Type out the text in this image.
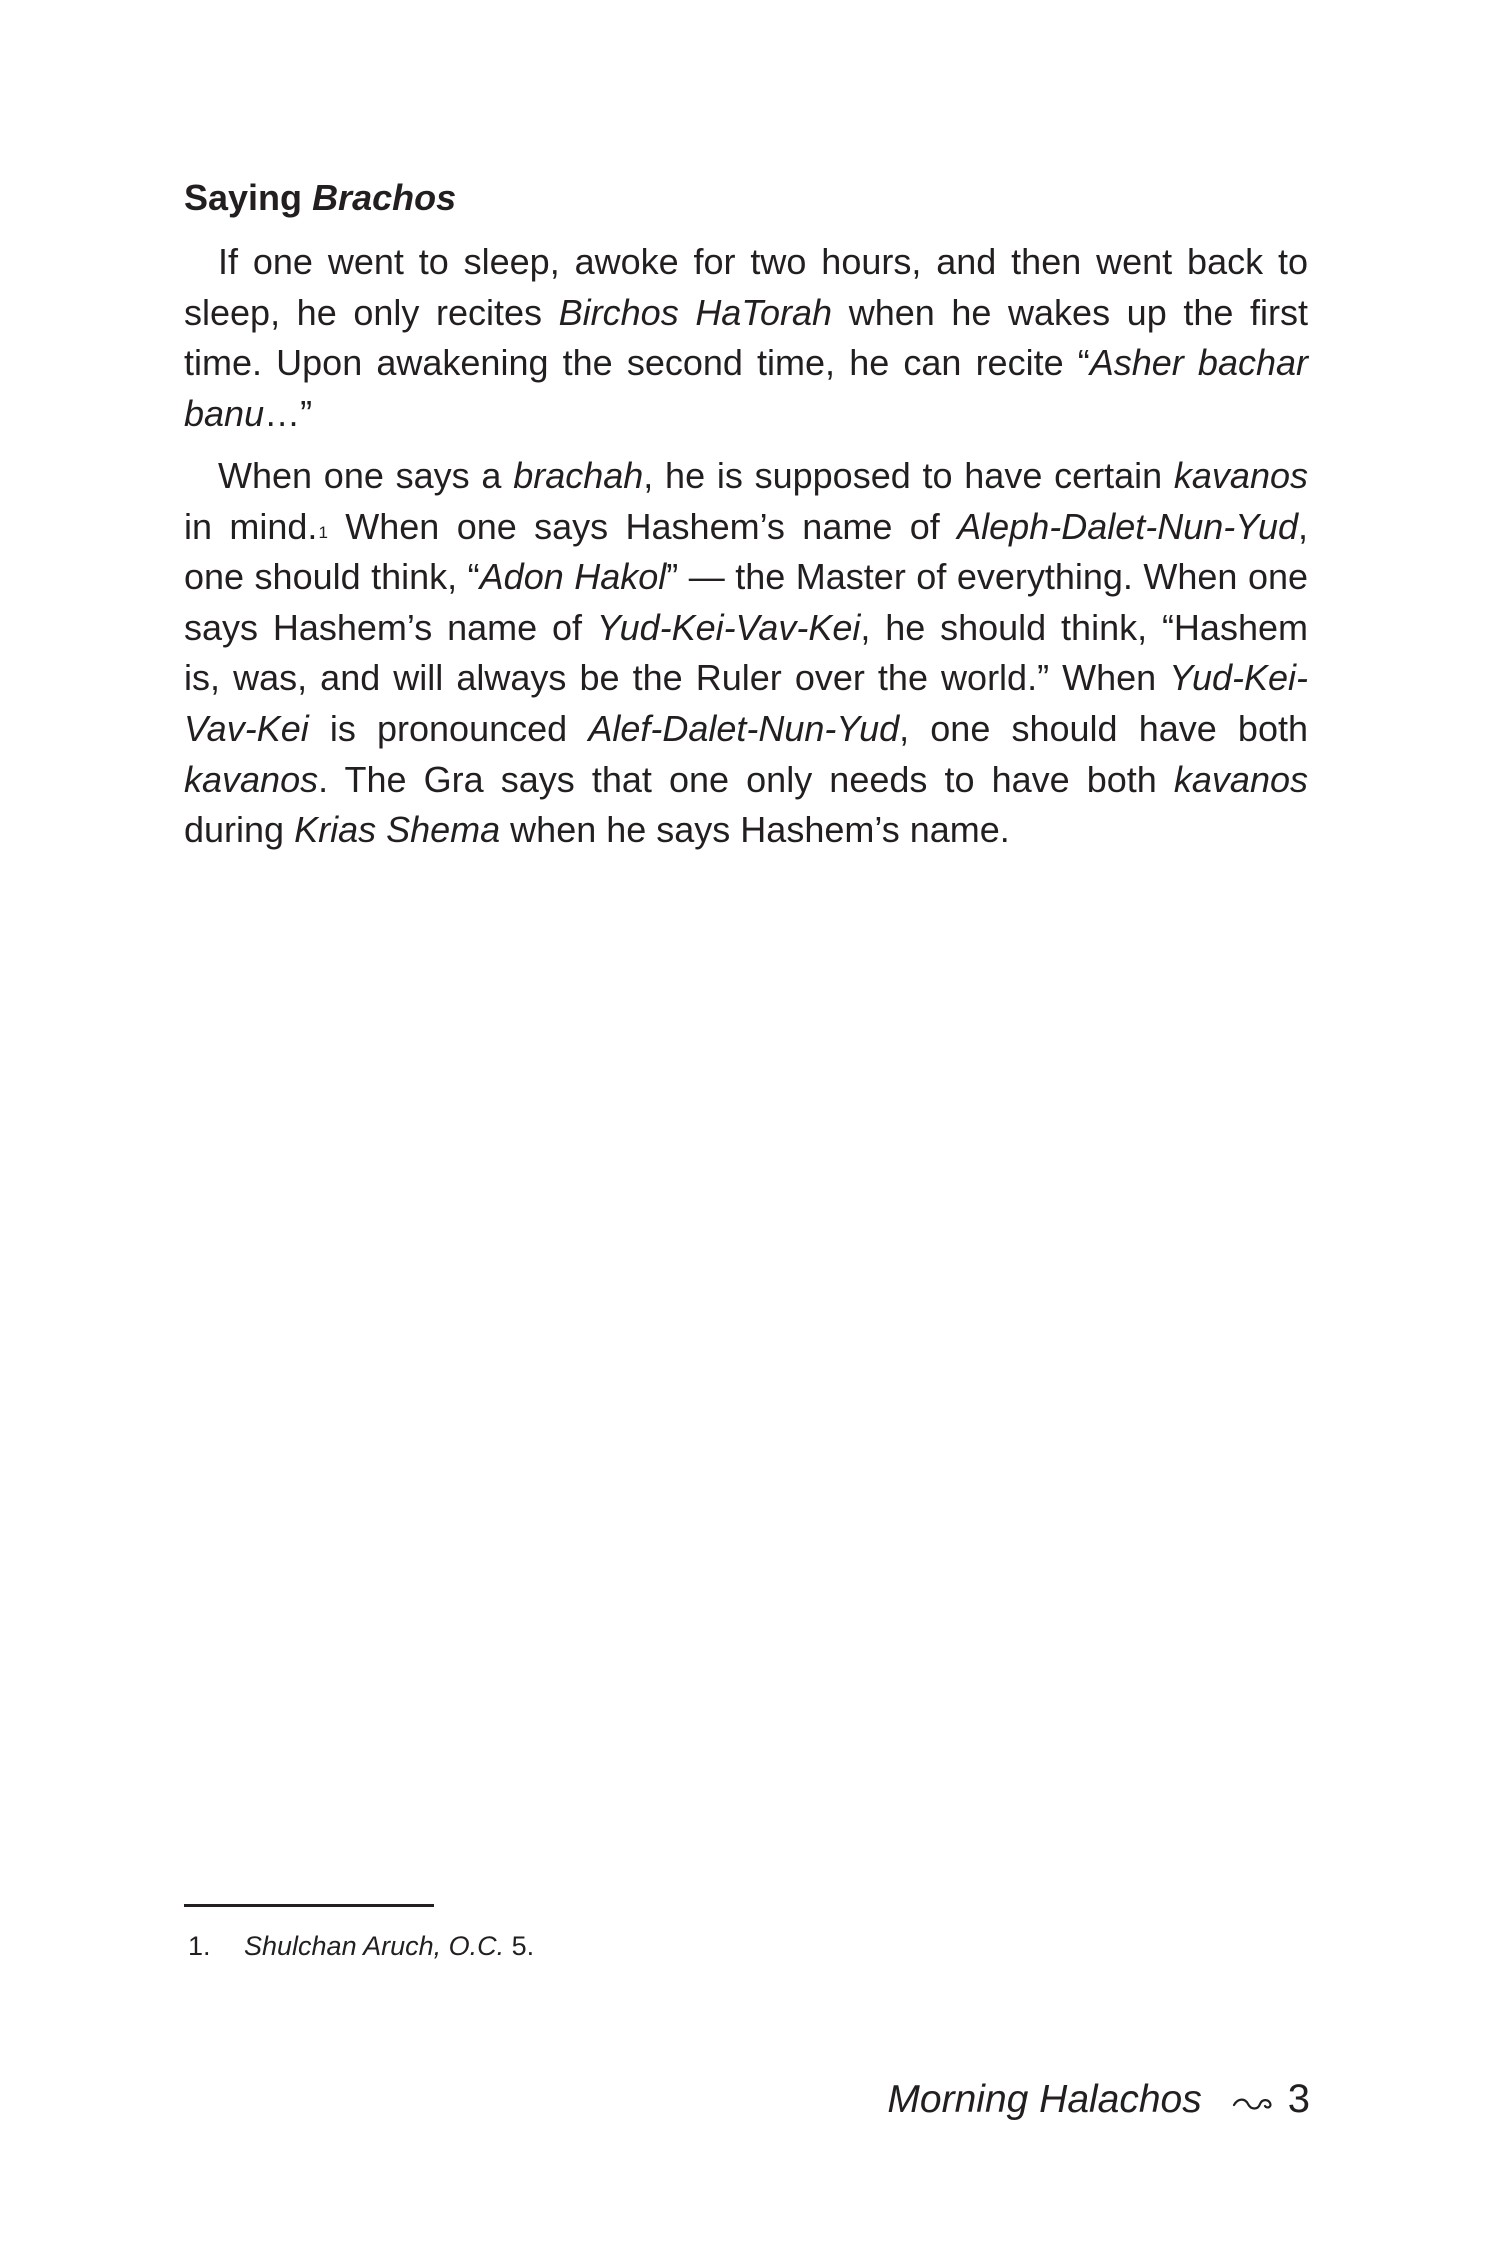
Saying Brachos

If one went to sleep, awoke for two hours, and then went back to sleep, he only recites Birchos HaTorah when he wakes up the first time. Upon awakening the second time, he can recite “Asher bachar banu…”

When one says a brachah, he is supposed to have certain kavanos in mind.$^1$ When one says Hashem’s name of Aleph-Dalet-Nun-Yud, one should think, “Adon Hakol” — the Master of everything. When one says Hashem’s name of Yud-Kei-Vav-Kei, he should think, “Hashem is, was, and will always be the Ruler over the world.” When Yud-Kei-Vav-Kei is pronounced Alef-Dalet-Nun-Yud, one should have both kavanos. The Gra says that one only needs to have both kavanos during Krias Shema when he says Hashem’s name.

1. Shulchan Aruch, O.C. 5.

Morning Halachos 3
